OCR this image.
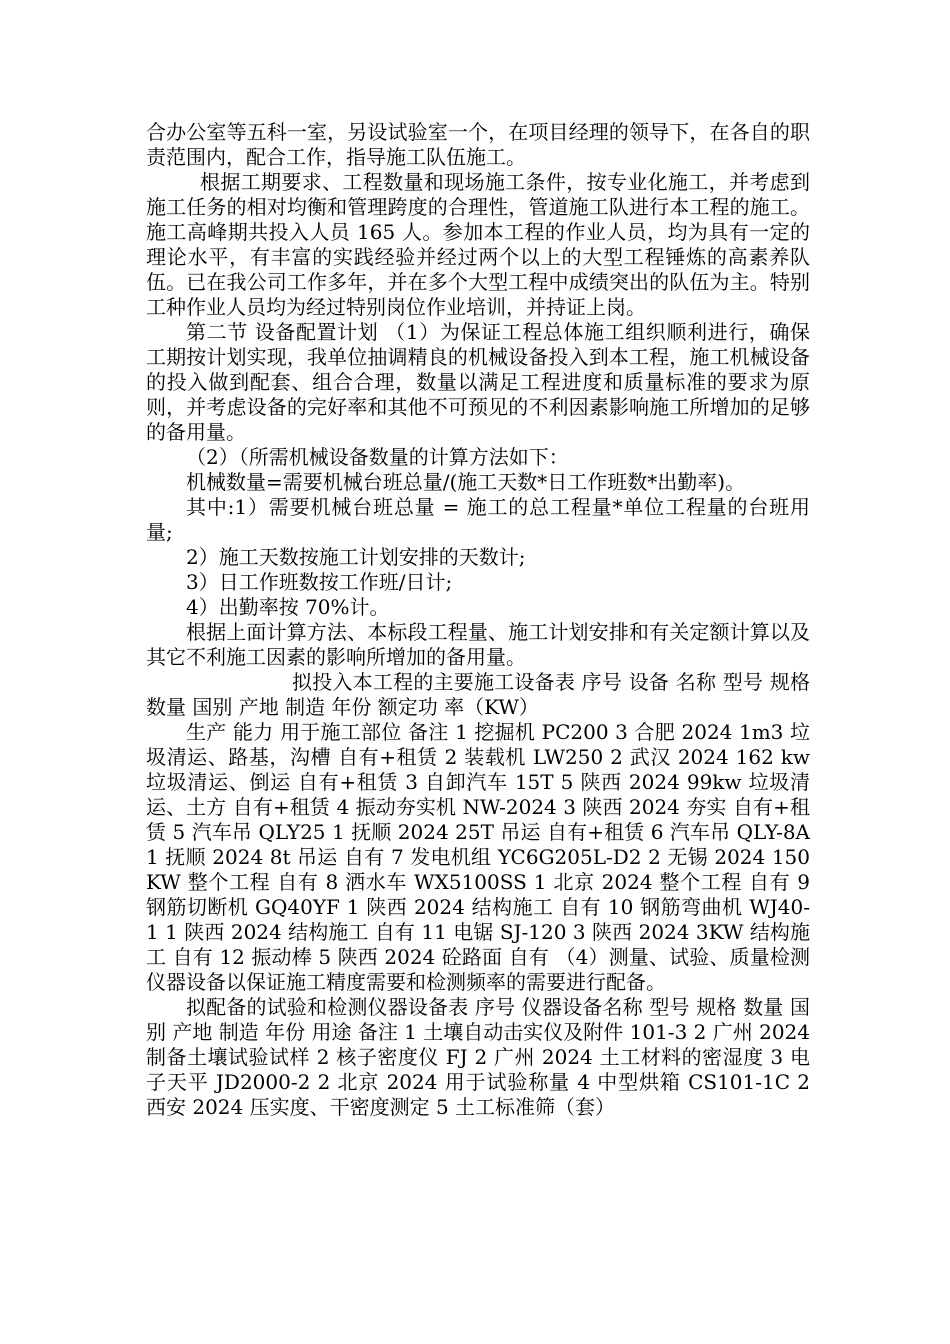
合办公室等五科一室，另设试验室一个，在项目经理的领导下，在各自的职责范围内，配合工作，指导施工队伍施工。

根据工期要求、工程数量和现场施工条件，按专业化施工，并考虑到施工任务的相对均衡和管理跨度的合理性，管道施工队进行本工程的施工。施工高峰期共投入人员 165 人。参加本工程的作业人员，均为具有一定的理论水平，有丰富的实践经验并经过两个以上的大型工程锤炼的高素养队伍。已在我公司工作多年，并在多个大型工程中成绩突出的队伍为主。特别工种作业人员均为经过特别岗位作业培训，并持证上岗。

第二节 设备配置计划 （1）为保证工程总体施工组织顺利进行，确保工期按计划实现，我单位抽调精良的机械设备投入到本工程，施工机械设备的投入做到配套、组合合理，数量以满足工程进度和质量标准的要求为原则，并考虑设备的完好率和其他不可预见的不利因素影响施工所增加的足够的备用量。

（2）（所需机械设备数量的计算方法如下：

机械数量=需要机械台班总量/(施工天数*日工作班数*出勤率)。

其中:1）需要机械台班总量 = 施工的总工程量*单位工程量的台班用量;

2）施工天数按施工计划安排的天数计;

3）日工作班数按工作班/日计;

4）出勤率按 70%计。

根据上面计算方法、本标段工程量、施工计划安排和有关定额计算以及其它不利施工因素的影响所增加的备用量。

拟投入本工程的主要施工设备表 序号 设备 名称 型号 规格 数量 国别 产地 制造 年份 额定功 率（KW）

生产 能力 用于施工部位 备注 1 挖掘机 PC200 3 合肥 2024 1m3 垃圾清运、路基，沟槽 自有+租赁 2 装载机 LW250 2 武汉 2024 162 kw 垃圾清运、倒运 自有+租赁 3 自卸汽车 15T 5 陕西 2024 99kw 垃圾清运、土方 自有+租赁 4 振动夯实机 NW-2024 3 陕西 2024 夯实 自有+租赁 5 汽车吊 QLY25 1 抚顺 2024 25T 吊运 自有+租赁 6 汽车吊 QLY-8A 1 抚顺 2024 8t 吊运 自有 7 发电机组 YC6G205L-D2 2 无锡 2024 150KW 整个工程 自有 8 洒水车 WX5100SS 1 北京 2024 整个工程 自有 9 钢筋切断机 GQ40YF 1 陕西 2024 结构施工 自有 10 钢筋弯曲机 WJ40-1 1 陕西 2024 结构施工 自有 11 电锯 SJ-120 3 陕西 2024 3KW 结构施工 自有 12 振动棒 5 陕西 2024 砼路面 自有 （4）测量、试验、质量检测仪器设备以保证施工精度需要和检测频率的需要进行配备。

拟配备的试验和检测仪器设备表 序号 仪器设备名称 型号 规格 数量 国别 产地 制造 年份 用途 备注 1 土壤自动击实仪及附件 101-3 2 广州 2024 制备土壤试验试样 2 核子密度仪 FJ 2 广州 2024 土工材料的密湿度 3 电子天平 JD2000-2 2 北京 2024 用于试验称量 4 中型烘箱 CS101-1C 2 西安 2024 压实度、干密度测定 5 土工标准筛（套）
